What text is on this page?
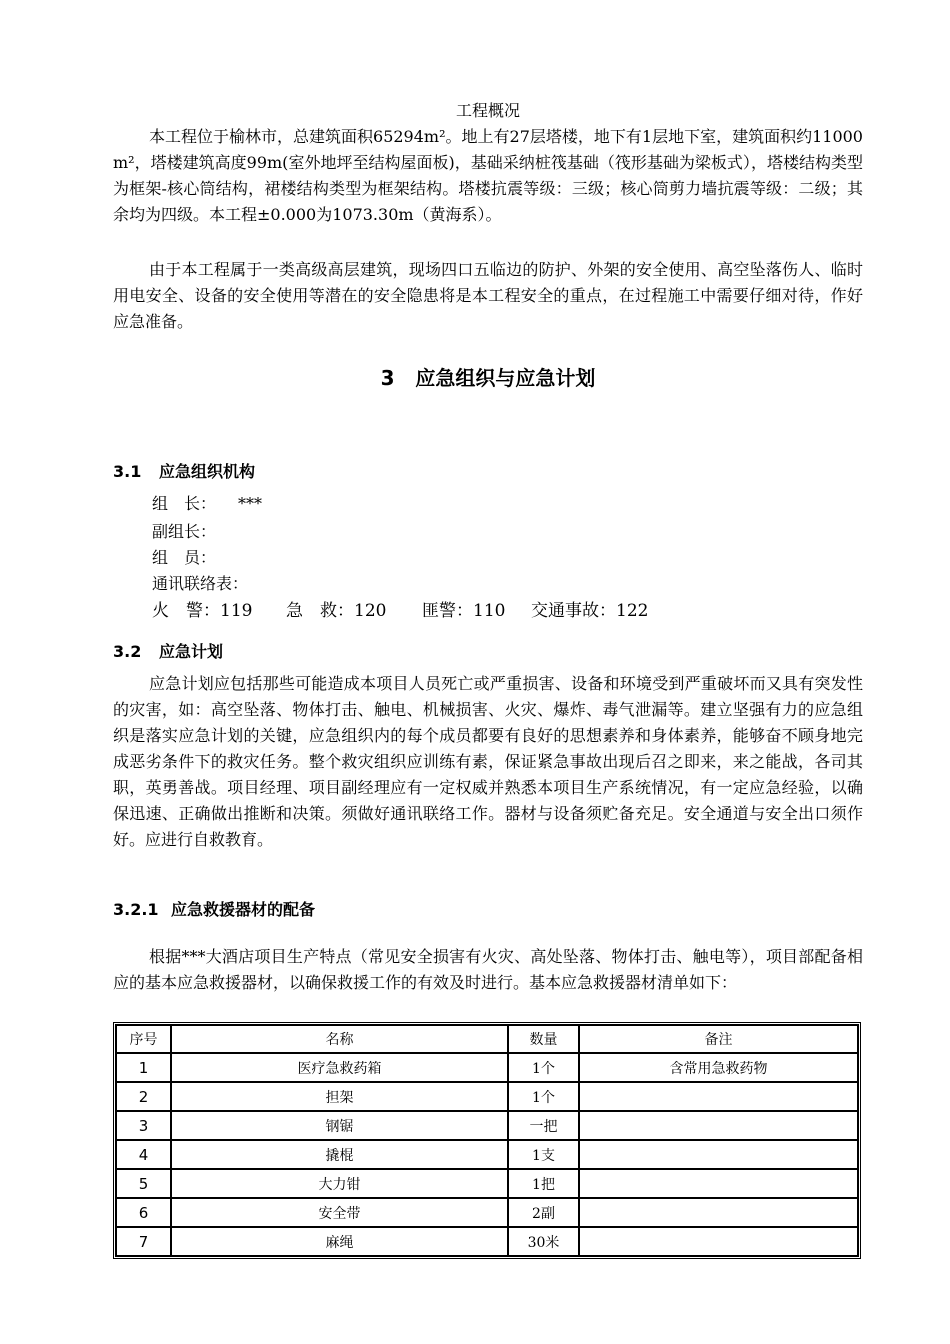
工程概况

本工程位于榆林市，总建筑面积65294m²。地上有27层塔楼，地下有1层地下室，建筑面积约11000 m²，塔楼建筑高度99m(室外地坪至结构屋面板)，基础采纳桩筏基础（筏形基础为梁板式），塔楼结构类型为框架-核心筒结构，裙楼结构类型为框架结构。塔楼抗震等级：三级；核心筒剪力墙抗震等级：二级；其余均为四级。本工程±0.000为1073.30m（黄海系）。

由于本工程属于一类高级高层建筑，现场四口五临边的防护、外架的安全使用、高空坠落伤人、临时用电安全、设备的安全使用等潜在的安全隐患将是本工程安全的重点，在过程施工中需要仔细对待，作好应急准备。

3 应急组织与应急计划
3.1 应急组织机构
组　长： ***
副组长：
组　员：
通讯联络表：
火　警：119 急　救：120 匪警：110 交通事故：122
3.2 应急计划

应急计划应包括那些可能造成本项目人员死亡或严重损害、设备和环境受到严重破坏而又具有突发性的灾害，如：高空坠落、物体打击、触电、机械损害、火灾、爆炸、毒气泄漏等。建立坚强有力的应急组织是落实应急计划的关键，应急组织内的每个成员都要有良好的思想素养和身体素养，能够奋不顾身地完成恶劣条件下的救灾任务。整个救灾组织应训练有素，保证紧急事故出现后召之即来，来之能战，各司其职，英勇善战。项目经理、项目副经理应有一定权威并熟悉本项目生产系统情况，有一定应急经验，以确保迅速、正确做出推断和决策。须做好通讯联络工作。器材与设备须贮备充足。安全通道与安全出口须作好。应进行自救教育。

3.2.1 应急救援器材的配备

根据***大酒店项目生产特点（常见安全损害有火灾、高处坠落、物体打击、触电等），项目部配备相应的基本应急救援器材，以确保救援工作的有效及时进行。基本应急救援器材清单如下：

序号	名称	数量	备注
1	医疗急救药箱	1个	含常用急救药物
2	担架	1个	
3	钢锯	一把	
4	撬棍	1支	
5	大力钳	1把	
6	安全带	2副	
7	麻绳	30米	
